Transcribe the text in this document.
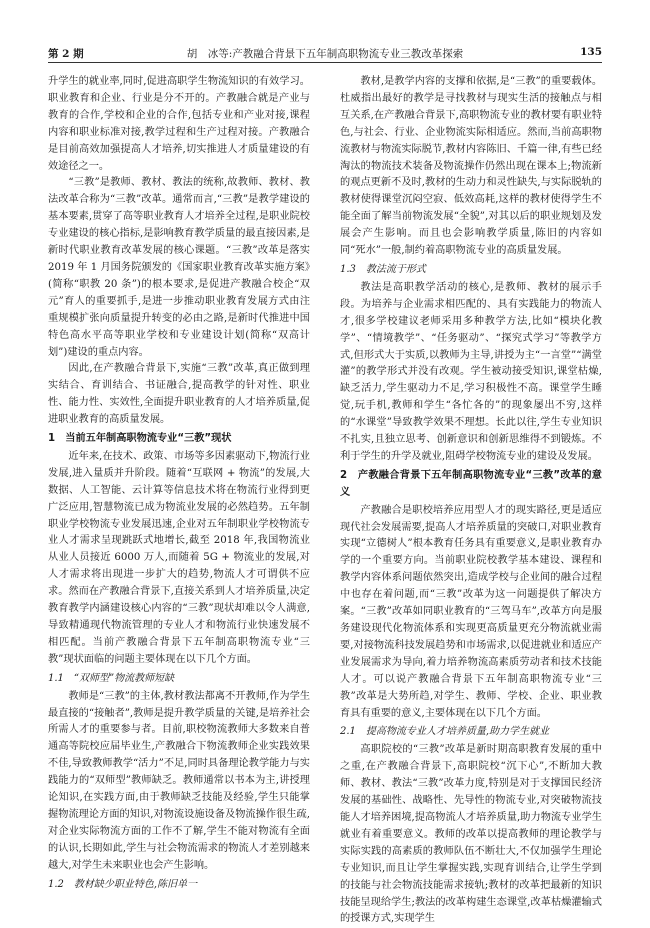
第 2 期	胡　冰等:产教融合背景下五年制高职物流专业三教改革探索	135

升学生的就业率,同时,促进高职学生物流知识的有效学习。职业教育和企业、行业是分不开的。产教融合就是产业与教育的合作,学校和企业的合作,包括专业和产业对接,课程内容和职业标准对接,教学过程和生产过程对接。产教融合是目前高效加强提高人才培养,切实推进人才质量建设的有效途径之一。

“三教”是教师、教材、教法的统称,故教师、教材、教法改革合称为“三教”改革。通常而言,“三教”是教学建设的基本要素,贯穿了高等职业教育人才培养全过程,是职业院校专业建设的核心指标,是影响教育教学质量的最直接因素,是新时代职业教育改革发展的核心课题。“三教”改革是落实 2019 年 1 月国务院颁发的《国家职业教育改革实施方案》(简称“职教 20 条”)的根本要求,是促进产教融合校企“双元”育人的重要抓手,是进一步推动职业教育发展方式由注重规模扩张向质量提升转变的必由之路,是新时代推进中国特色高水平高等职业学校和专业建设计划(简称“双高计划”)建设的重点内容。

因此,在产教融合背景下,实施“三教”改革,真正做到理实结合、育训结合、书证融合,提高教学的针对性、职业性、能力性、实效性,全面提升职业教育的人才培养质量,促进职业教育的高质量发展。

1　当前五年制高职物流专业“三教”现状

近年来,在技术、政策、市场等多因素驱动下,物流行业发展,进入量质并升阶段。随着“互联网 + 物流”的发展,大数据、人工智能、云计算等信息技术将在物流行业得到更广泛应用,智慧物流已成为物流业发展的必然趋势。五年制职业学校物流专业发展迅速,企业对五年制职业学校物流专业人才需求呈现跳跃式地增长,截至 2018 年,我国物流业从业人员接近 6000 万人,而随着 5G + 物流业的发展,对人才需求将出现进一步扩大的趋势,物流人才可谓供不应求。然而在产教融合背景下,直接关系到人才培养质量,决定教育教学内涵建设核心内容的“三教”现状却难以令人满意,导致精通现代物流管理的专业人才和物流行业快速发展不相匹配。当前产教融合背景下五年制高职物流专业“三教”现状面临的问题主要体现在以下几个方面。

1.1　“双师型”物流教师短缺

教师是“三教”的主体,教材教法都离不开教师,作为学生最直接的“接触者”,教师是提升教学质量的关键,是培养社会所需人才的重要参与者。目前,职校物流教师大多数来自普通高等院校应届毕业生,产教融合下物流教师企业实践效果不佳,导致教师教学“活力”不足,同时具备理论教学能力与实践能力的“双师型”教师缺乏。教师通常以书本为主,讲授理论知识,在实践方面,由于教师缺乏技能及经验,学生只能掌握物流理论方面的知识,对物流设施设备及物流操作很生疏,对企业实际物流方面的工作不了解,学生不能对物流有全面的认识,长期如此,学生与社会物流需求的物流人才差别越来越大,对学生未来职业也会产生影响。

1.2　教材缺少职业特色,陈旧单一

教材,是教学内容的支撑和依据,是“三教”的重要载体。杜威指出最好的教学是寻找教材与现实生活的接触点与相互关系,在产教融合背景下,高职物流专业的教材要有职业特色,与社会、行业、企业物流实际相适应。然而,当前高职物流教材与物流实际脱节,教材内容陈旧、千篇一律,有些已经淘汰的物流技术装备及物流操作仍然出现在课本上;物流新的观点更新不及时,教材的生动力和灵性缺失,与实际脱轨的教材使得课堂沉闷空寂、低效高耗,这样的教材使得学生不能全面了解当前物流发展“全貌”,对其以后的职业规划及发展会产生影响。而且也会影响教学质量,陈旧的内容如同“死水”一般,制约着高职物流专业的高质量发展。

1.3　教法流于形式

教法是高职教学活动的核心,是教师、教材的展示手段。为培养与企业需求相匹配的、具有实践能力的物流人才,很多学校建议老师采用多种教学方法,比如“模块化教学”、“情境教学”、“任务驱动”、“探究式学习”等教学方式,但形式大于实质,以教师为主导,讲授为主“一言堂”“满堂灌”的教学形式并没有改观。学生被动接受知识,课堂枯燥,缺乏活力,学生驱动力不足,学习积极性不高。课堂学生睡觉,玩手机,教师和学生“各忙各的”的现象屡出不穷,这样的“水课堂”导致教学效果不理想。长此以往,学生专业知识不扎实,且独立思考、创新意识和创新思维得不到锻炼。不利于学生的升学及就业,阻碍学校物流专业的建设及发展。

2　产教融合背景下五年制高职物流专业“三教”改革的意义

产教融合是职校培养应用型人才的现实路径,更是适应现代社会发展需要,提高人才培养质量的突破口,对职业教育实现“立德树人”根本教育任务具有重要意义,是职业教育办学的一个重要方向。当前职业院校教学基本建设、课程和教学内容体系问题依然突出,造成学校与企业间的融合过程中也存在着问题,而“三教”改革为这一问题提供了解决方案。“三教”改革如同职业教育的“三驾马车”,改革方向是服务建设现代化物流体系和实现更高质量更充分物流就业需要,对接物流科技发展趋势和市场需求,以促进就业和适应产业发展需求为导向,着力培养物流高素质劳动者和技术技能人才。可以说产教融合背景下五年制高职物流专业“三教”改革是大势所趋,对学生、教师、学校、企业、职业教育具有重要的意义,主要体现在以下几个方面。

2.1　提高物流专业人才培养质量,助力学生就业

高职院校的“三教”改革是新时期高职教育发展的重中之重,在产教融合背景下,高职院校“沉下心”,不断加大教师、教材、教法“三教”改革力度,特别是对于支撑国民经济发展的基础性、战略性、先导性的物流专业,对突破物流技能人才培养困境,提高物流人才培养质量,助力物流专业学生就业有着重要意义。教师的改革以提高教师的理论教学与实际实践的高素质的教师队伍不断壮大,不仅加强学生理论专业知识,而且让学生掌握实践,实现育训结合,让学生学到的技能与社会物流技能需求接轨;教材的改革把最新的知识技能呈现给学生;教法的改革构建生态课堂,改革枯燥灌输式的授课方式,实现学生
